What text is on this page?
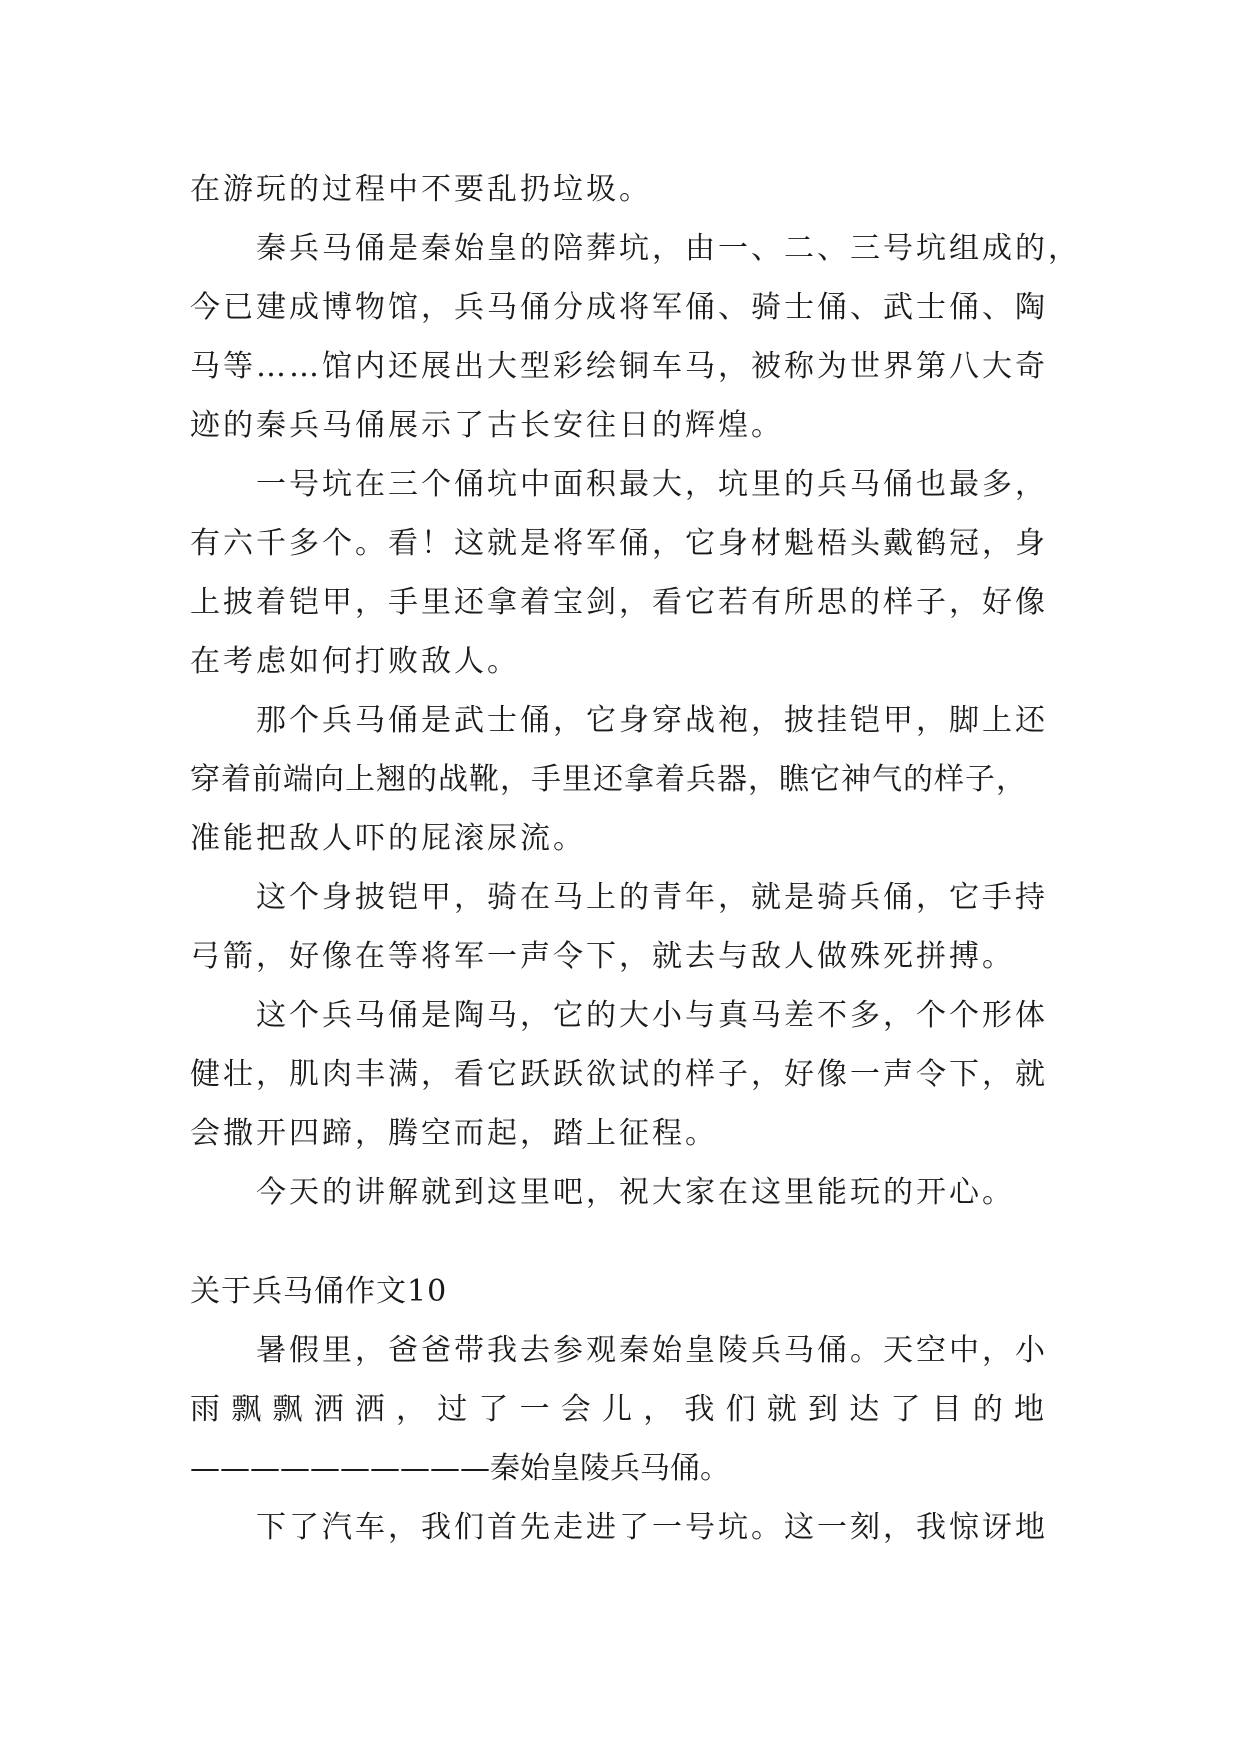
在游玩的过程中不要乱扔垃圾。
秦兵马俑是秦始皇的陪葬坑，由一、二、三号坑组成的，
今已建成博物馆，兵马俑分成将军俑、骑士俑、武士俑、陶
马等……馆内还展出大型彩绘铜车马，被称为世界第八大奇
迹的秦兵马俑展示了古长安往日的辉煌。
一号坑在三个俑坑中面积最大，坑里的兵马俑也最多，
有六千多个。看！这就是将军俑，它身材魁梧头戴鹤冠，身
上披着铠甲，手里还拿着宝剑，看它若有所思的样子，好像
在考虑如何打败敌人。
那个兵马俑是武士俑，它身穿战袍，披挂铠甲，脚上还
穿着前端向上翘的战靴，手里还拿着兵器，瞧它神气的样子，
准能把敌人吓的屁滚尿流。
这个身披铠甲，骑在马上的青年，就是骑兵俑，它手持
弓箭，好像在等将军一声令下，就去与敌人做殊死拼搏。
这个兵马俑是陶马，它的大小与真马差不多，个个形体
健壮，肌肉丰满，看它跃跃欲试的样子，好像一声令下，就
会撒开四蹄，腾空而起，踏上征程。
今天的讲解就到这里吧，祝大家在这里能玩的开心。
关于兵马俑作文10
暑假里，爸爸带我去参观秦始皇陵兵马俑。天空中，小
雨飘飘洒洒，过了一会儿，我们就到达了目的地
——————————秦始皇陵兵马俑。
下了汽车，我们首先走进了一号坑。这一刻，我惊讶地
